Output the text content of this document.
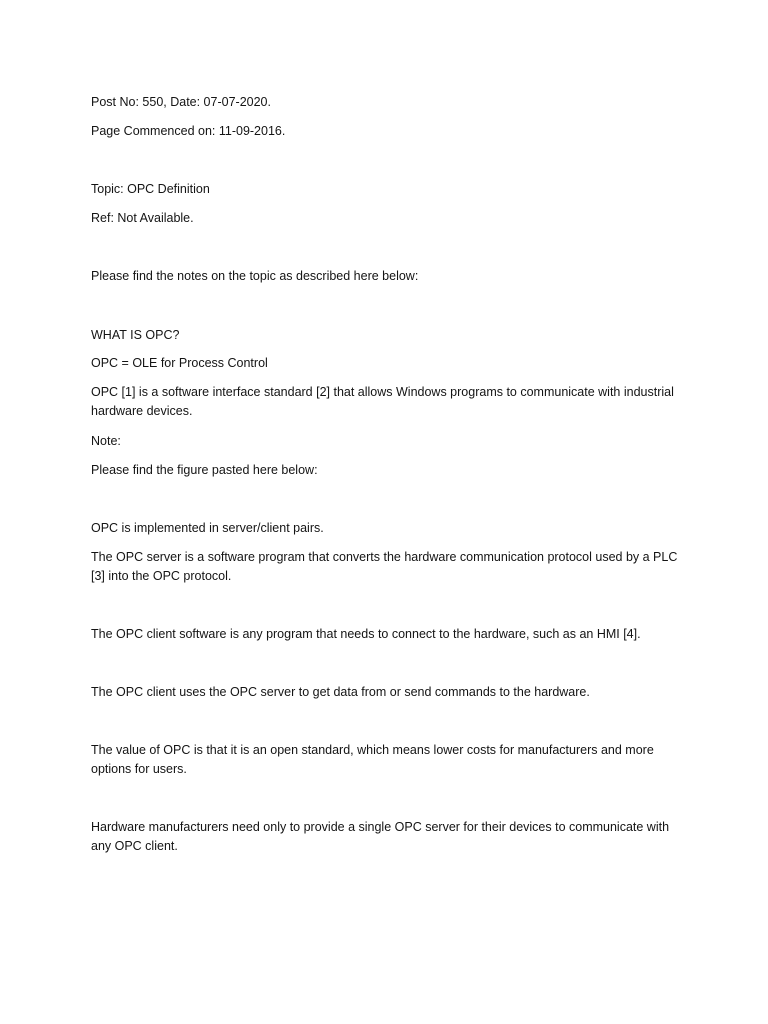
Post No: 550, Date: 07-07-2020.

Page Commenced on: 11-09-2016.

Topic: OPC Definition

Ref: Not Available.

Please find the notes on the topic as described here below:

WHAT IS OPC?

OPC = OLE for Process Control

OPC [1] is a software interface standard [2] that allows Windows programs to communicate with industrial hardware devices.

Note:

Please find the figure pasted here below:

OPC is implemented in server/client pairs.

The OPC server is a software program that converts the hardware communication protocol used by a PLC [3] into the OPC protocol.

The OPC client software is any program that needs to connect to the hardware, such as an HMI [4].

The OPC client uses the OPC server to get data from or send commands to the hardware.

The value of OPC is that it is an open standard, which means lower costs for manufacturers and more options for users.

Hardware manufacturers need only to provide a single OPC server for their devices to communicate with any OPC client.
